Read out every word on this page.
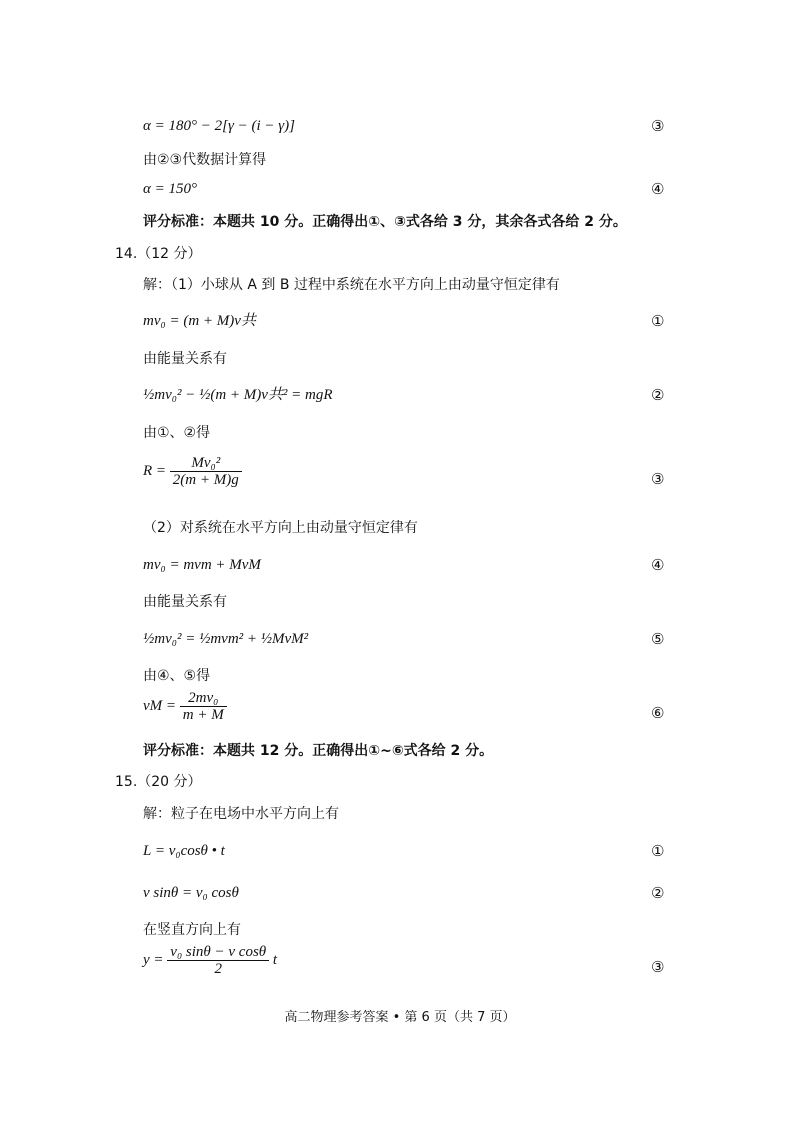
α = 180° − 2[γ − (i − γ)]	③
由②③代数据计算得
α = 150°	④
评分标准：本题共 10 分。正确得出①、③式各给 3 分，其余各式各给 2 分。
14.（12 分）
解：（1）小球从 A 到 B 过程中系统在水平方向上由动量守恒定律有
mv₀ = (m + M)v共	①
由能量关系有
½mv₀² − ½(m + M)v共² = mgR	②
由①、②得
$R = \frac{\text{Mv₀²}}{2(m + M)g}$	③
（2）对系统在水平方向上由动量守恒定律有
mv₀ = mvm + MvM	④
由能量关系有
½mv₀² = ½mvm² + ½MvM²	⑤
由④、⑤得
vM = $\frac{\text{2mv₀}}{m + M}$	⑥
评分标准：本题共 12 分。正确得出①~⑥式各给 2 分。
15.（20 分）
解：粒子在电场中水平方向上有
L = v₀cosθ • t	①
v sinθ = v₀ cosθ	②
在竖直方向上有
$y = \frac{\text{v₀ sinθ − v cosθ}}{2}$ t	③
高二物理参考答案 • 第 6 页（共 7 页）
